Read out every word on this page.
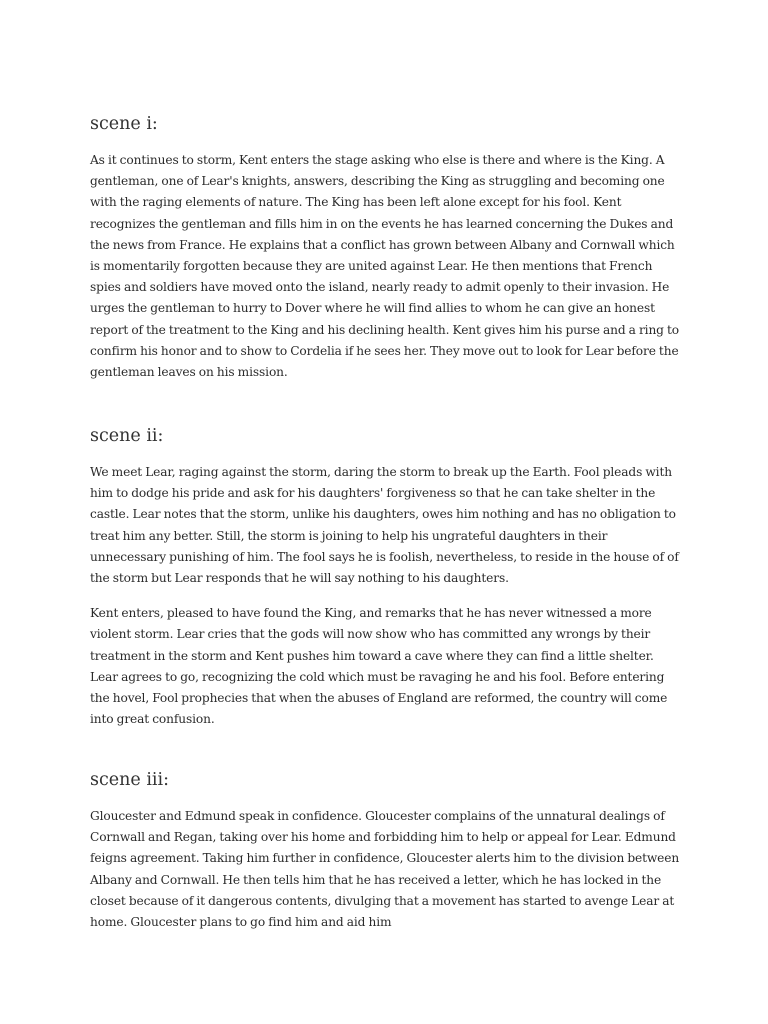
scene i:

As it continues to storm, Kent enters the stage asking who else is there and where is the King. A gentleman, one of Lear's knights, answers, describing the King as struggling and becoming one with the raging elements of nature. The King has been left alone except for his fool. Kent recognizes the gentleman and fills him in on the events he has learned concerning the Dukes and the news from France. He explains that a conflict has grown between Albany and Cornwall which is momentarily forgotten because they are united against Lear. He then mentions that French spies and soldiers have moved onto the island, nearly ready to admit openly to their invasion. He urges the gentleman to hurry to Dover where he will find allies to whom he can give an honest report of the treatment to the King and his declining health. Kent gives him his purse and a ring to confirm his honor and to show to Cordelia if he sees her. They move out to look for Lear before the gentleman leaves on his mission.

scene ii:

We meet Lear, raging against the storm, daring the storm to break up the Earth. Fool pleads with him to dodge his pride and ask for his daughters' forgiveness so that he can take shelter in the castle. Lear notes that the storm, unlike his daughters, owes him nothing and has no obligation to treat him any better. Still, the storm is joining to help his ungrateful daughters in their unnecessary punishing of him. The fool says he is foolish, nevertheless, to reside in the house of of the storm but Lear responds that he will say nothing to his daughters.

Kent enters, pleased to have found the King, and remarks that he has never witnessed a more violent storm. Lear cries that the gods will now show who has committed any wrongs by their treatment in the storm and Kent pushes him toward a cave where they can find a little shelter. Lear agrees to go, recognizing the cold which must be ravaging he and his fool. Before entering the hovel, Fool prophecies that when the abuses of England are reformed, the country will come into great confusion.

scene iii:

Gloucester and Edmund speak in confidence. Gloucester complains of the unnatural dealings of Cornwall and Regan, taking over his home and forbidding him to help or appeal for Lear. Edmund feigns agreement. Taking him further in confidence, Gloucester alerts him to the division between Albany and Cornwall. He then tells him that he has received a letter, which he has locked in the closet because of it dangerous contents, divulging that a movement has started to avenge Lear at home. Gloucester plans to go find him and aid him
